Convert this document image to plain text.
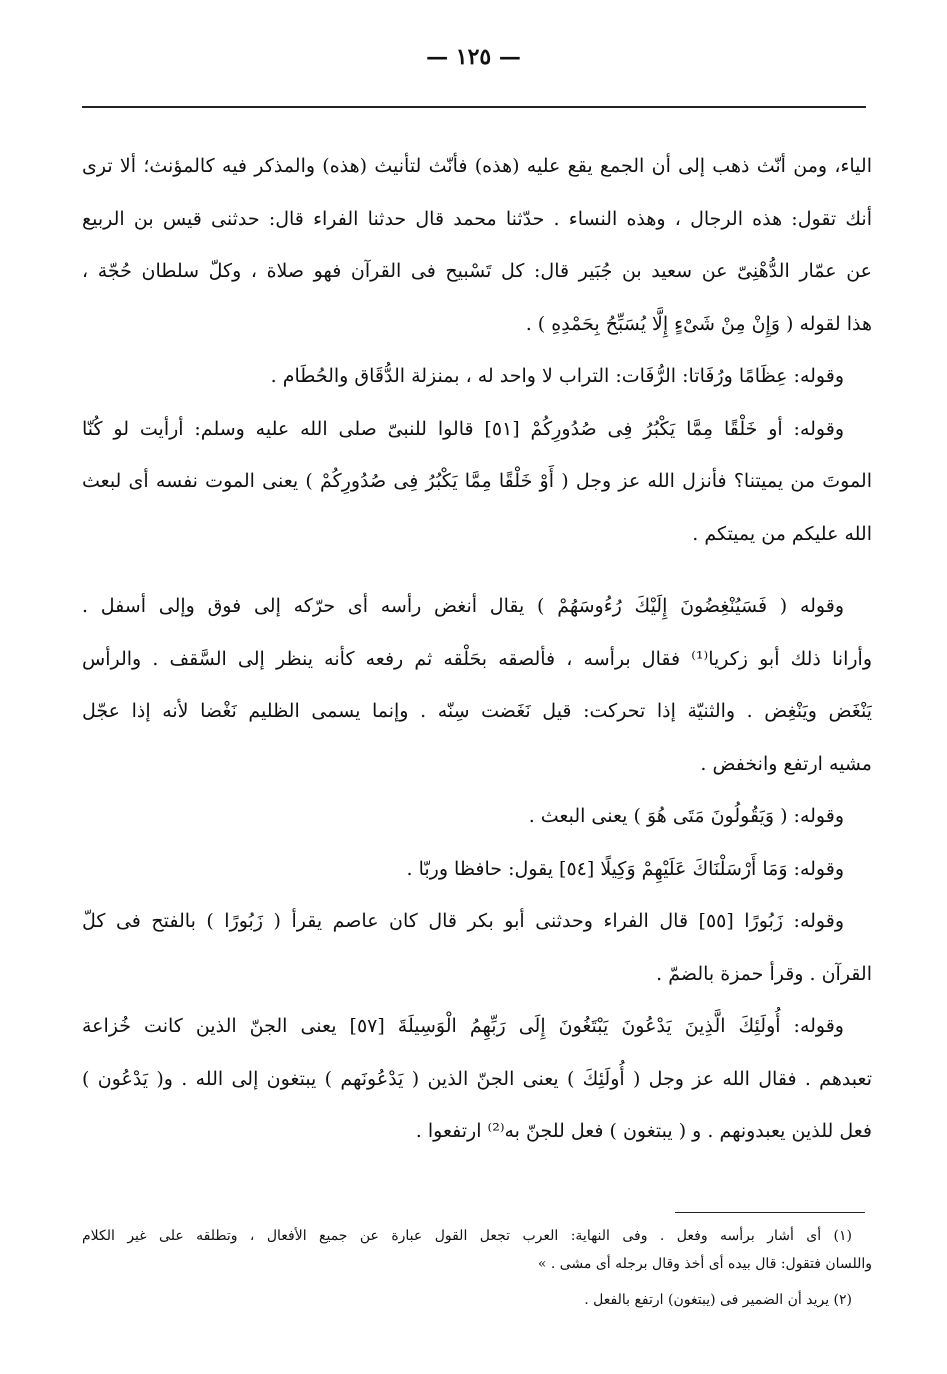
— ١٢٥ —
الياء، ومن أنّث ذهب إلى أن الجمع يقع عليه (هذه) فأنّث لتأنيث (هذه) والمذكر فيه كالمؤنث؛ ألا ترى
أنك تقول: هذه الرجال ، وهذه النساء . حدّثنا محمد قال حدثنا الفراء قال: حدثنى قيس بن الربيع
عن عمّار الدُّهْنِىّ عن سعيد بن جُبَير قال: كل تَسْبيح فى القرآن فهو صلاة ، وكلّ سلطان حُجّة ،
هذا لقوله ( وَإِنْ مِنْ شَىْءٍ إِلَّا يُسَبِّحُ بِحَمْدِهِ ) .
وقوله: عِظَامًا ورُفَاتا: الرُّفَات: التراب لا واحد له ، بمنزلة الدُّقَاق والحُطَام .
وقوله: أو خَلْقًا مِمَّا يَكْبُرُ فِى صُدُورِكُمْ [٥١] قالوا للنبىّ صلى الله عليه وسلم: أرأيت لو كُنّا
الموتَ من يميتنا؟ فأنزل الله عز وجل ( أَوْ خَلْقًا مِمَّا يَكْبُرُ فِى صُدُورِكُمْ ) يعنى الموت نفسه أى لبعث
الله عليكم من يميتكم .
وقوله ( فَسَيُنْغِضُونَ إِلَيْكَ رُءُوسَهُمْ ) يقال أنغض رأسه أى حرّكه إلى فوق وإلى أسفل .
وأرانا ذلك أبو زكريا⁽¹⁾ فقال برأسه ، فألصقه بحَلْقه ثم رفعه كأنه ينظر إلى السَّقف . والرأس
يَنْغَض ويَنْغِض . والثنيّة إذا تحركت: قيل نَغَضت سِنّه . وإنما يسمى الظليم نَغْضا لأنه إذا عجّل
مشيه ارتفع وانخفض .
وقوله: ( وَيَقُولُونَ مَتَى هُوَ ) يعنى البعث .
وقوله: وَمَا أَرْسَلْنَاكَ عَلَيْهِمْ وَكِيلًا [٥٤] يقول: حافظا وربّا .
وقوله: زَبُورًا [٥٥] قال الفراء وحدثنى أبو بكر قال كان عاصم يقرأ ( زَبُورًا ) بالفتح فى كلّ
القرآن . وقرأ حمزة بالضمّ .
وقوله: أُولَئِكَ الَّذِينَ يَدْعُونَ يَبْتَغُونَ إِلَى رَبِّهِمُ الْوَسِيلَةَ [٥٧] يعنى الجنّ الذين كانت خُزاعة
تعبدهم . فقال الله عز وجل ( أُولَئِكَ ) يعنى الجنّ الذين ( يَدْعُونَهم ) يبتغون إلى الله . و( يَدْعُون )
فعل للذين يعبدونهم . و ( يبتغون ) فعل للجنّ به⁽²⁾ ارتفعوا .
(١) أى أشار برأسه وفعل . وفى النهاية: العرب تجعل القول عبارة عن جميع الأفعال ، وتطلقه على غير الكلام
واللسان فتقول: قال بيده أى أخذ وقال برجله أى مشى . »
(٢) يريد أن الضمير فى (يبتغون) ارتفع بالفعل .
